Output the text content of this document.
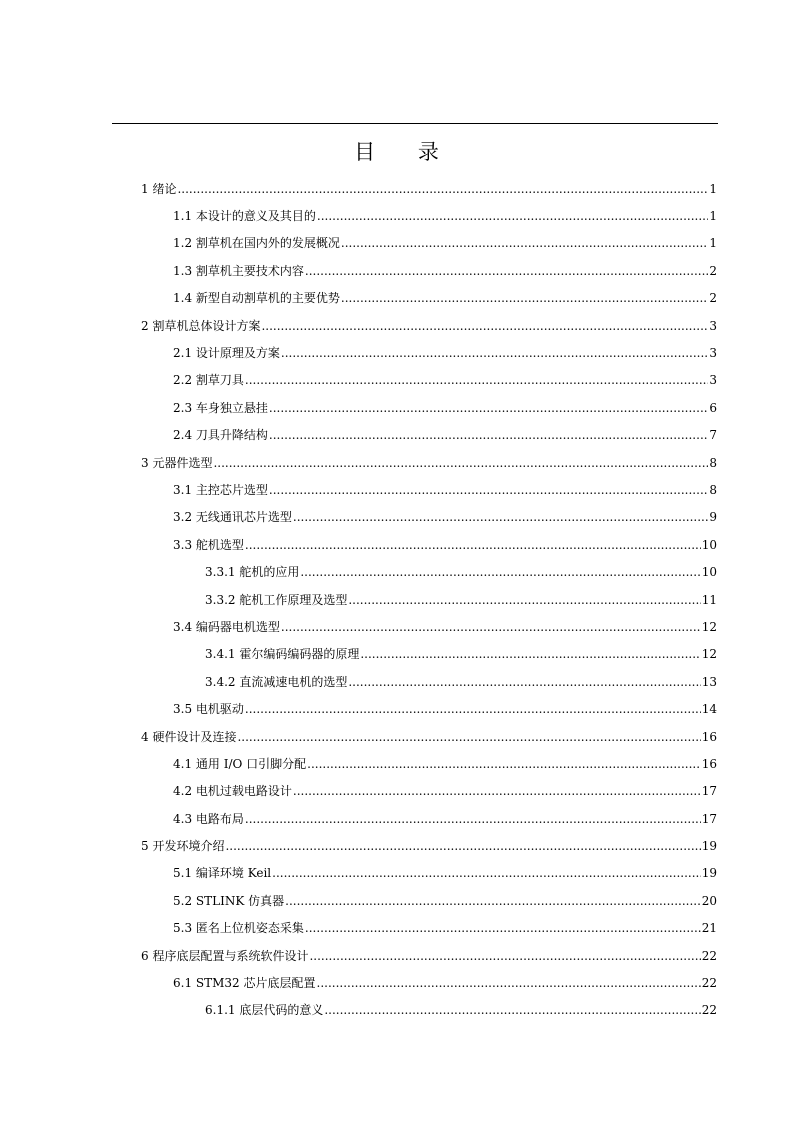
目 录
1 绪论 .....	1
1.1 本设计的意义及其目的 .....	1
1.2 割草机在国内外的发展概况 .....	1
1.3 割草机主要技术内容 .....	2
1.4 新型自动割草机的主要优势 .....	2
2 割草机总体设计方案 .....	3
2.1 设计原理及方案 .....	3
2.2 割草刀具 .....	3
2.3 车身独立悬挂 .....	6
2.4 刀具升降结构 .....	7
3 元器件选型 .....	8
3.1 主控芯片选型 .....	8
3.2 无线通讯芯片选型 .....	9
3.3 舵机选型 .....	10
3.3.1 舵机的应用 .....	10
3.3.2 舵机工作原理及选型 .....	11
3.4 编码器电机选型 .....	12
3.4.1 霍尔编码编码器的原理 .....	12
3.4.2 直流减速电机的选型 .....	13
3.5 电机驱动 .....	14
4 硬件设计及连接 .....	16
4.1 通用 I/O 口引脚分配 .....	16
4.2 电机过载电路设计 .....	17
4.3 电路布局 .....	17
5 开发环境介绍 .....	19
5.1 编译环境 Keil .....	19
5.2 STLINK 仿真器 .....	20
5.3 匿名上位机姿态采集 .....	21
6 程序底层配置与系统软件设计 .....	22
6.1 STM32 芯片底层配置 .....	22
6.1.1 底层代码的意义 .....	22
